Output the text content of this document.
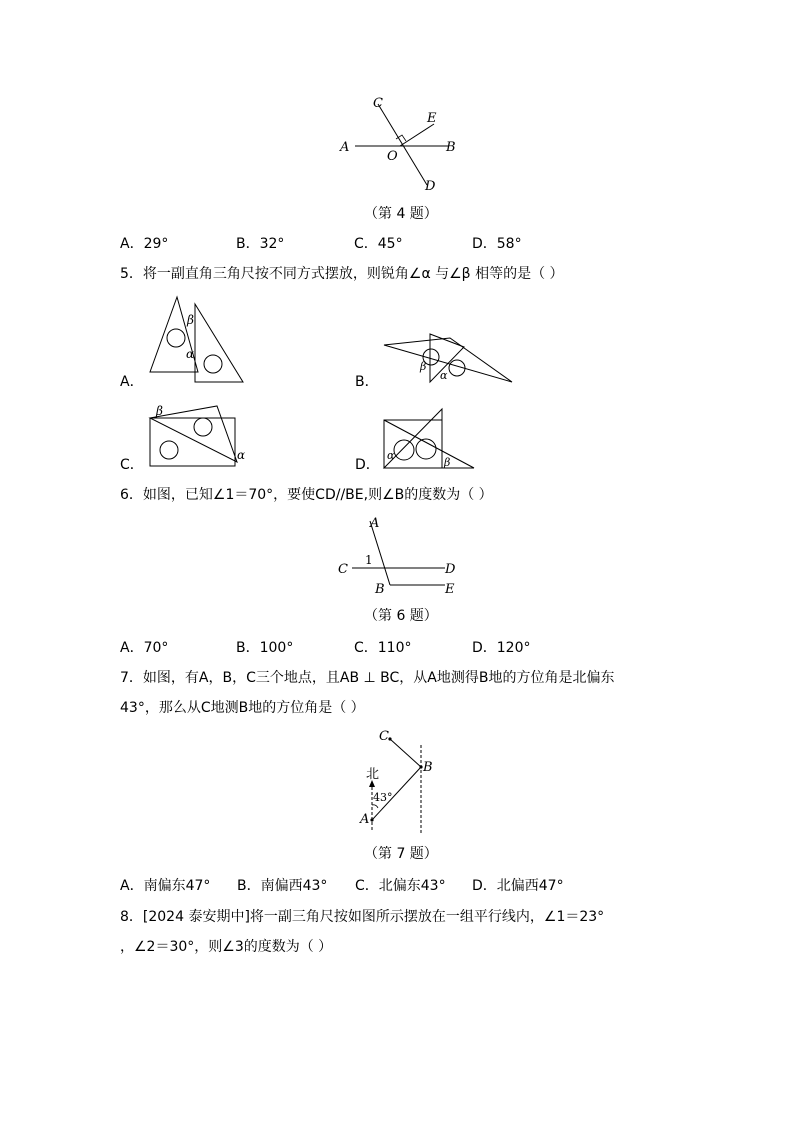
C
E
A
O
B
D
（第 4 题）
A．29°	B．32°	C．45°	D．58°
5．将一副直角三角尺按不同方式摆放，则锐角∠α 与∠β 相等的是（ ）
β
α
A．
β
α
B．
β
α
C．
α
β
D．
6．如图，已知∠1＝70°，要使CD//BE,则∠B的度数为（ ）
A
1
C	D
B	E
（第 6 题）
A．70°	B．100°	C．110°	D．120°
7．如图，有A，B，C三个地点，且AB ⊥ BC，从A地测得B地的方位角是北偏东
43°，那么从C地测B地的方位角是（ ）
C
B
A
北
43°
（第 7 题）
A．南偏东47° B．南偏西43° C．北偏东43° D．北偏西47°
8．[2024 泰安期中]将一副三角尺按如图所示摆放在一组平行线内，∠1＝23°
，∠2＝30°，则∠3的度数为（ ）
